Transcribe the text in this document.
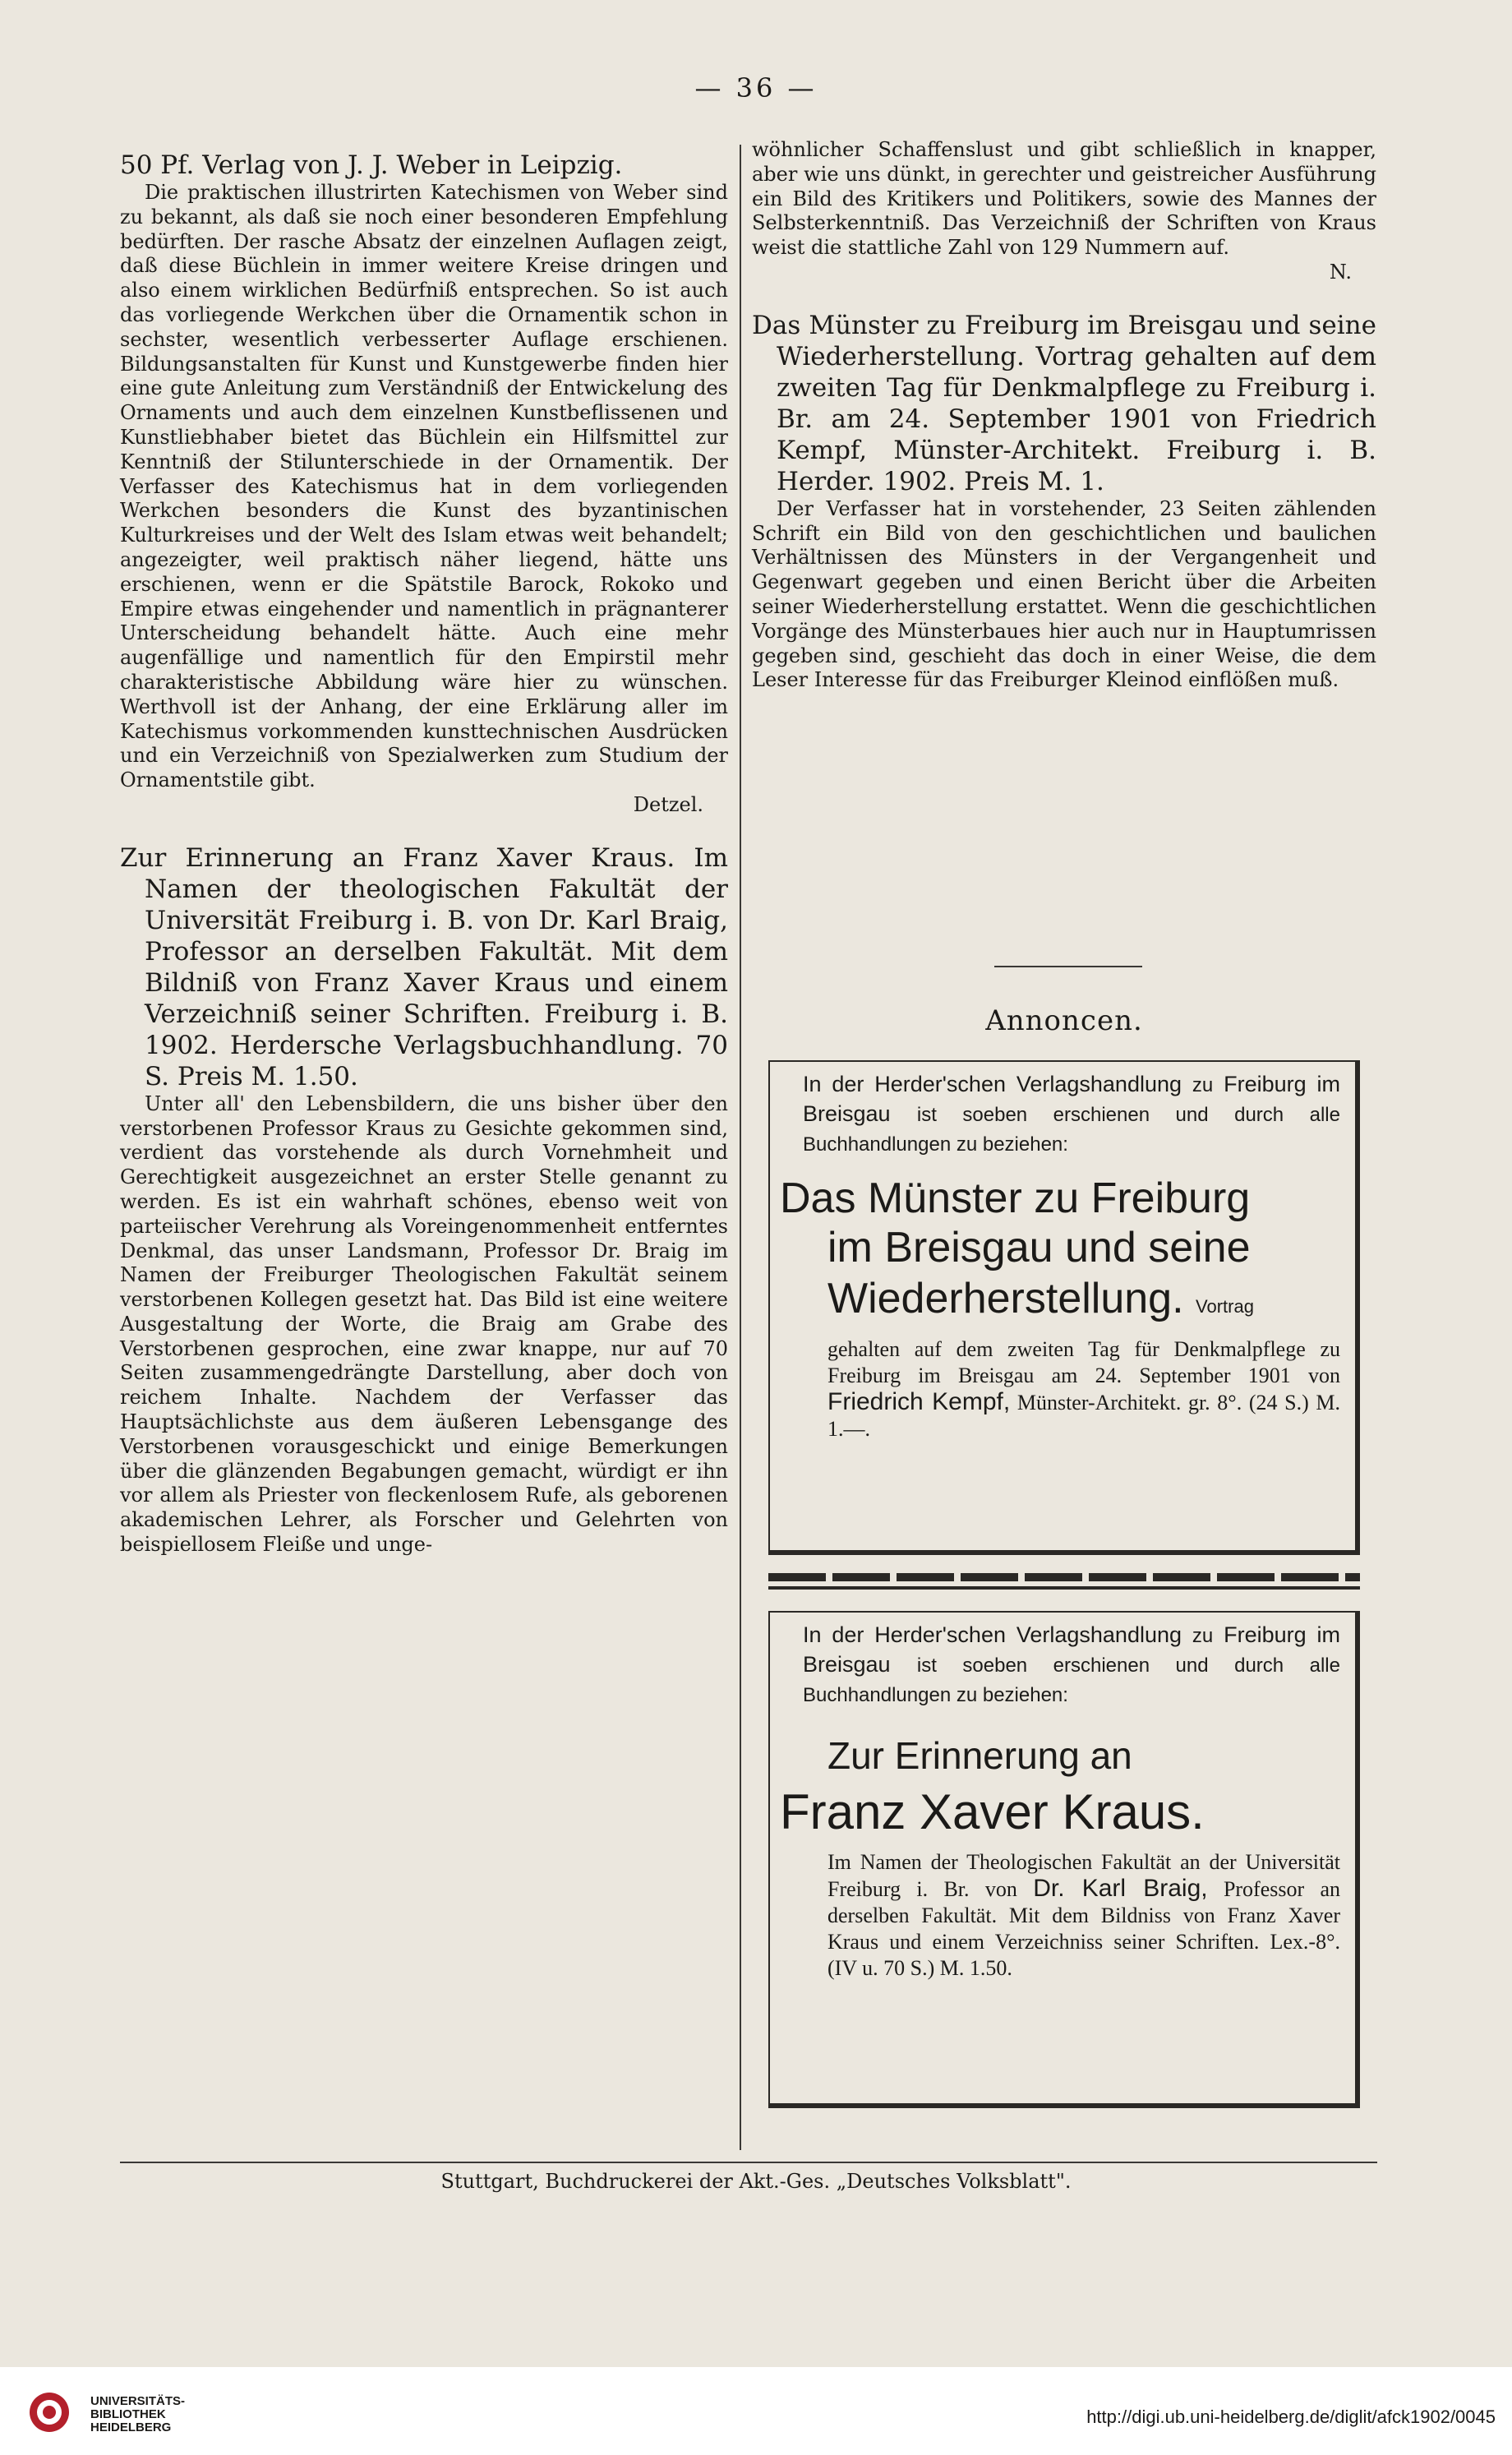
— 36 —

50 Pf. Verlag von J. J. Weber in Leipzig.

Die praktischen illustrirten Katechismen von Weber sind zu bekannt, als daß sie noch einer besonderen Empfehlung bedürften. Der rasche Absatz der einzelnen Auflagen zeigt, daß diese Büchlein in immer weitere Kreise dringen und also einem wirklichen Bedürfniß entsprechen. So ist auch das vorliegende Werkchen über die Ornamentik schon in sechster, wesentlich verbesserter Auflage erschienen. Bildungsanstalten für Kunst und Kunstgewerbe finden hier eine gute Anleitung zum Verständniß der Entwickelung des Ornaments und auch dem einzelnen Kunstbeflissenen und Kunstliebhaber bietet das Büchlein ein Hilfsmittel zur Kenntniß der Stilunterschiede in der Ornamentik. Der Verfasser des Katechismus hat in dem vorliegenden Werkchen besonders die Kunst des byzantinischen Kulturkreises und der Welt des Islam etwas weit behandelt; angezeigter, weil praktisch näher liegend, hätte uns erschienen, wenn er die Spätstile Barock, Rokoko und Empire etwas eingehender und namentlich in prägnanterer Unterscheidung behandelt hätte. Auch eine mehr augenfällige und namentlich für den Empirstil mehr charakteristische Abbildung wäre hier zu wünschen. Werthvoll ist der Anhang, der eine Erklärung aller im Katechismus vorkommenden kunsttechnischen Ausdrücken und ein Verzeichniß von Spezialwerken zum Studium der Ornamentstile gibt.

Detzel.

Zur Erinnerung an Franz Xaver Kraus. Im Namen der theologischen Fakultät der Universität Freiburg i. B. von Dr. Karl Braig, Professor an derselben Fakultät. Mit dem Bildniß von Franz Xaver Kraus und einem Verzeichniß seiner Schriften. Freiburg i. B. 1902. Herdersche Verlagsbuchhandlung. 70 S. Preis M. 1.50.

Unter all' den Lebensbildern, die uns bisher über den verstorbenen Professor Kraus zu Gesichte gekommen sind, verdient das vorstehende als durch Vornehmheit und Gerechtigkeit ausgezeichnet an erster Stelle genannt zu werden. Es ist ein wahrhaft schönes, ebenso weit von parteiischer Verehrung als Voreingenommenheit entferntes Denkmal, das unser Landsmann, Professor Dr. Braig im Namen der Freiburger Theologischen Fakultät seinem verstorbenen Kollegen gesetzt hat. Das Bild ist eine weitere Ausgestaltung der Worte, die Braig am Grabe des Verstorbenen gesprochen, eine zwar knappe, nur auf 70 Seiten zusammengedrängte Darstellung, aber doch von reichem Inhalte. Nachdem der Verfasser das Hauptsächlichste aus dem äußeren Lebensgange des Verstorbenen vorausgeschickt und einige Bemerkungen über die glänzenden Begabungen gemacht, würdigt er ihn vor allem als Priester von fleckenlosem Rufe, als geborenen akademischen Lehrer, als Forscher und Gelehrten von beispiellosem Fleiße und unge-

wöhnlicher Schaffenslust und gibt schließlich in knapper, aber wie uns dünkt, in gerechter und geistreicher Ausführung ein Bild des Kritikers und Politikers, sowie des Mannes der Selbsterkenntniß. Das Verzeichniß der Schriften von Kraus weist die stattliche Zahl von 129 Nummern auf.

N.

Das Münster zu Freiburg im Breisgau und seine Wiederherstellung. Vortrag gehalten auf dem zweiten Tag für Denkmalpflege zu Freiburg i. Br. am 24. September 1901 von Friedrich Kempf, Münster-Architekt. Freiburg i. B. Herder. 1902. Preis M. 1.

Der Verfasser hat in vorstehender, 23 Seiten zählenden Schrift ein Bild von den geschichtlichen und baulichen Verhältnissen des Münsters in der Vergangenheit und Gegenwart gegeben und einen Bericht über die Arbeiten seiner Wiederherstellung erstattet. Wenn die geschichtlichen Vorgänge des Münsterbaues hier auch nur in Hauptumrissen gegeben sind, geschieht das doch in einer Weise, die dem Leser Interesse für das Freiburger Kleinod einflößen muß.

Annoncen.

In der Herder'schen Verlagshandlung zu Freiburg im Breisgau ist soeben erschienen und durch alle Buchhandlungen zu beziehen:

Das Münster zu Freiburg
im Breisgau und seine
Wiederherstellung. Vortrag

gehalten auf dem zweiten Tag für Denkmalpflege zu Freiburg im Breisgau am 24. September 1901 von Friedrich Kempf, Münster-Architekt. gr. 8°. (24 S.) M. 1.—.

In der Herder'schen Verlagshandlung zu Freiburg im Breisgau ist soeben erschienen und durch alle Buchhandlungen zu beziehen:

Zur Erinnerung an
Franz Xaver Kraus.

Im Namen der Theologischen Fakultät an der Universität Freiburg i. Br. von Dr. Karl Braig, Professor an derselben Fakultät. Mit dem Bildniss von Franz Xaver Kraus und einem Verzeichniss seiner Schriften. Lex.-8°. (IV u. 70 S.) M. 1.50.

Stuttgart, Buchdruckerei der Akt.-Ges. „Deutsches Volksblatt".
UNIVERSITÄTS-
BIBLIOTHEK
HEIDELBERG
http://digi.ub.uni-heidelberg.de/diglit/afck1902/0045
